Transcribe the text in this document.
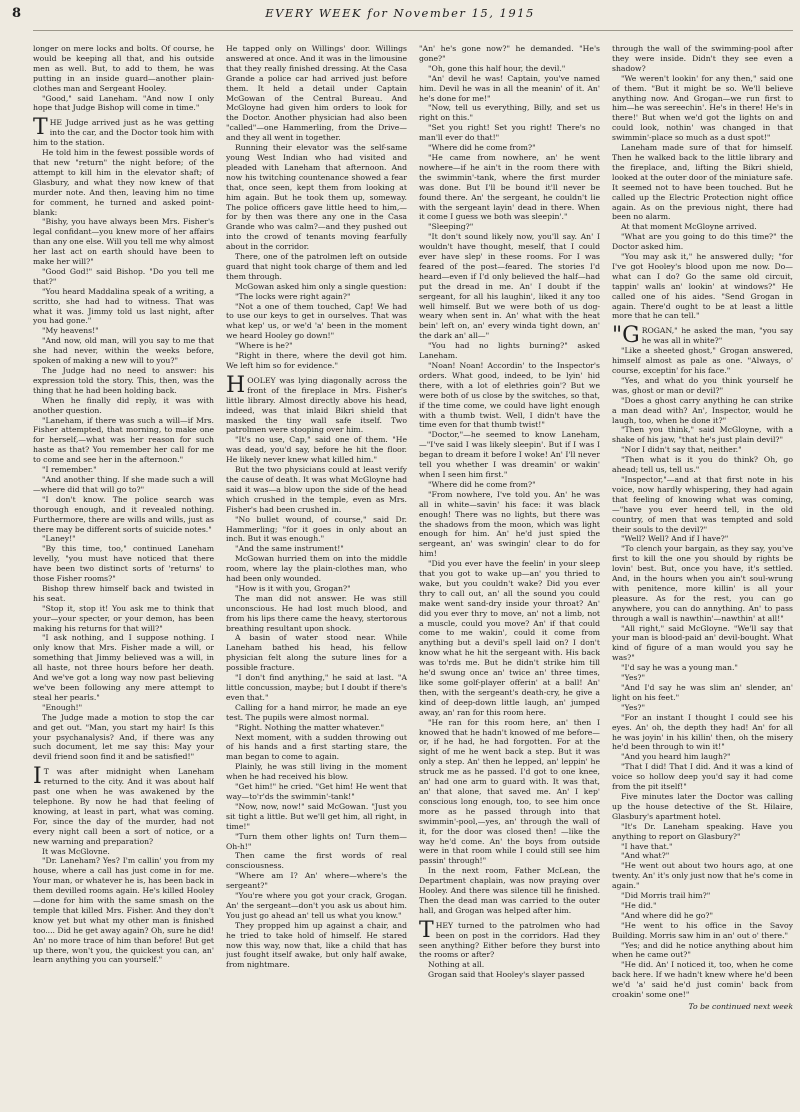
8	EVERY WEEK for November 15, 1915

longer on mere locks and bolts. Of course, he would be keeping all that, and his outside men as well. But, to add to them, he was putting in an inside guard—another plain-clothes man and Sergeant Hooley.

"Good," said Laneham. "And now I only hope that Judge Bishop will come in time."

THE Judge arrived just as he was getting into the car, and the Doctor took him with him to the station.

He told him in the fewest possible words of that new "return" the night before; of the attempt to kill him in the elevator shaft; of Glasbury, and what they now knew of that murder note. And then, leaving him no time for comment, he turned and asked point-blank:

"Bishy, you have always been Mrs. Fisher's legal confidant—you knew more of her affairs than any one else. Will you tell me why almost her last act on earth should have been to make her will?"

"Good God!" said Bishop. "Do you tell me that?"

"You heard Maddalina speak of a writing, a scritto, she had had to witness. That was what it was. Jimmy told us last night, after you had gone."

"My heavens!"

"And now, old man, will you say to me that she had never, within the weeks before, spoken of making a new will to you?"

The Judge had no need to answer: his expression told the story. This, then, was the thing that he had been holding back.

When he finally did reply, it was with another question.

"Laneham, if there was such a will—if Mrs. Fisher attempted, that morning, to make one for herself,—what was her reason for such haste as that? You remember her call for me to come and see her in the afternoon."

"I remember."

"And another thing. If she made such a will—where did that will go to?"

"I don't know. The police search was thorough enough, and it revealed nothing. Furthermore, there are wills and wills, just as there may be different sorts of suicide notes."

"Laney!"

"By this time, too," continued Laneham levelly, "you must have noticed that there have been two distinct sorts of 'returns' to those Fisher rooms?"

Bishop threw himself back and twisted in his seat.

"Stop it, stop it! You ask me to think that your—your specter, or your demon, has been making his returns for that will?"

"I ask nothing, and I suppose nothing. I only know that Mrs. Fisher made a will, or something that Jimmy believed was a will, in all haste, not three hours before her death. And we've got a long way now past believing we've been following any mere attempt to steal her pearls."

"Enough!"

The Judge made a motion to stop the car and get out. "Man, you start my hair! Is this your psychanalysis? And, if there was any such document, let me say this: May your devil friend soon find it and be satisfied!"

IT was after midnight when Laneham returned to the city. And it was about half past one when he was awakened by the telephone. By now he had that feeling of knowing, at least in part, what was coming. For, since the day of the murder, had not every night call been a sort of notice, or a new warning and preparation?

It was McGlovne.

"Dr. Laneham? Yes? I'm callin' you from my house, where a call has just come in for me. Your man, or whatever he is, has been back in them devilled rooms again. He's killed Hooley—done for him with the same smash on the temple that killed Mrs. Fisher. And they don't know yet but what my other man is finished too.... Did he get away again? Oh, sure he did! An' no more trace of him than before! But get up there, won't you, the quickest you can, an' learn anything you can yourself."

He tapped only on Willings' door. Willings answered at once. And it was in the limousine that they really finished dressing. At the Casa Grande a police car had arrived just before them. It held a detail under Captain McGowan of the Central Bureau. And McGloyne had given him orders to look for the Doctor. Another physician had also been "called"—one Hammerling, from the Drive—and they all went in together.

Running their elevator was the self-same young West Indian who had visited and pleaded with Laneham that afternoon. And now his twitching countenance showed a fear that, once seen, kept them from looking at him again. But he took them up, someway. The police officers gave little heed to him,—for by then was there any one in the Casa Grande who was calm?—and they pushed out into the crowd of tenants moving fearfully about in the corridor.

There, one of the patrolmen left on outside guard that night took charge of them and led them through.

McGowan asked him only a single question:

"The locks were right again?"

"Not a one of them touched, Cap! We had to use our keys to get in ourselves. That was what kep' us, or we'd 'a' been in the moment we heard Hooley go down!"

"Where is he?"

"Right in there, where the devil got him. We left him so for evidence."

HOOLEY was lying diagonally across the front of the fireplace in Mrs. Fisher's little library. Almost directly above his head, indeed, was that inlaid Bikri shield that masked the tiny wall safe itself. Two patrolmen were stooping over him.

"It's no use, Cap," said one of them. "He was dead, you'd say, before he hit the floor. He likely never knew what killed him."

But the two physicians could at least verify the cause of death. It was what McGloyne had said it was—a blow upon the side of the head which crushed in the temple, even as Mrs. Fisher's had been crushed in.

"No bullet wound, of course," said Dr. Hammerling; "for it goes in only about an inch. But it was enough."

"And the same instrument!"

McGowan hurried them on into the middle room, where lay the plain-clothes man, who had been only wounded.

"How is it with you, Grogan?"

The man did not answer. He was still unconscious. He had lost much blood, and from his lips there came the heavy, stertorous breathing resultant upon shock.

A basin of water stood near. While Laneham bathed his head, his fellow physician felt along the suture lines for a possible fracture.

"I don't find anything," he said at last. "A little concussion, maybe; but I doubt if there's even that."

Calling for a hand mirror, he made an eye test. The pupils were almost normal.

"Right. Nothing the matter whatever."

Next moment, with a sudden throwing out of his hands and a first starting stare, the man began to come to again.

Plainly, he was still living in the moment when he had received his blow.

"Get him!" he cried. "Get him! He went that way—to'r'ds the swimmin'-tank!"

"Now, now, now!" said McGowan. "Just you sit tight a little. But we'll get him, all right, in time!"

"Turn them other lights on! Turn them— Oh-h!"

Then came the first words of real consciousness.

"Where am I? An' where—where's the sergeant?"

"You're where you got your crack, Grogan. An' the sergeant—don't you ask us about him. You just go ahead an' tell us what you know."

They propped him up against a chair, and he tried to take hold of himself. He stared now this way, now that, like a child that has just fought itself awake, but only half awake, from nightmare.

"An' he's gone now?" he demanded. "He's gone?"

"Oh, gone this half hour, the devil."

"An' devil he was! Captain, you've named him. Devil he was in all the meanin' of it. An' he's done for me!"

"Now, tell us everything, Billy, and set us right on this."

"Set you right! Set you right! There's no man'll ever do that!"

"Where did he come from?"

"He came from nowhere, an' he went nowhere—if he ain't in the room there with the swimmin'-tank, where the first murder was done. But I'll be bound it'll never be found there. An' the sergeant, he couldn't lie with the sergeant layin' dead in there. When it come I guess we both was sleepin'."

"Sleeping?"

"It don't sound likely now, you'll say. An' I wouldn't have thought, meself, that I could ever have slep' in these rooms. For I was feared of the post—feared. The stories I'd heard—even if I'd only believed the half—had put the dread in me. An' I doubt if the sergeant, for all his laughin', liked it any too well himself. But we were both of us dog-weary when sent in. An' what with the heat bein' left on, an' every winda tight down, an' the dark an' all—"

"You had no lights burning?" asked Laneham.

"Noan! Noan! Accordin' to the Inspector's orders. What good, indeed, to be lyin' hid there, with a lot of elethries goin'? But we were both of us close by the switches, so that, if the time come, we could have light enough with a thumb twist. Well, I didn't have the time even for that thumb twist!"

"Doctor,"—he seemed to know Laneham,—"I've said I was likely sleepin'. But if I was I began to dream it before I woke! An' I'll never tell you whether I was dreamin' or wakin' when I seen him first."

"Where did he come from?"

"From nowhere, I've told you. An' he was all in white—savin' his face: it was black enough! There was no lights, but there was the shadows from the moon, which was light enough for him. An' he'd just spied the sergeant, an' was swingin' clear to do for him!

"Did you ever have the feelin' in your sleep that you got to wake up—an' you thried to wake, but you couldn't wake? Did you ever thry to call out, an' all the sound you could make went sand-dry inside your throat? An' did you ever thry to move, an' not a limb, not a muscle, could you move? An' if that could come to me wakin', could it come from anything but a devil's spell laid on? I don't know what he hit the sergeant with. His back was to'rds me. But he didn't strike him till he'd swung once an' twice an' three times, like some golf-player offerin' at a ball! An' then, with the sergeant's death-cry, he give a kind of deep-down little laugh, an' jumped away, an' ran for this room here.

"He ran for this room here, an' then I knowed that he hadn't knowed of me before—or, if he had, he had forgotten. For at the sight of me he went back a step. But it was only a step. An' then he lepped, an' leppin' he struck me as he passed. I'd got to one knee, an' had one arm to guard with. It was that, an' that alone, that saved me. An' I kep' conscious long enough, too, to see him once more as he passed through into that swimmin'-pool,—yes, an' through the wall of it, for the door was closed then! —like the way he'd come. An' the boys from outside were in that room while I could still see him passin' through!"

In the next room, Father McLean, the Department chaplain, was now praying over Hooley. And there was silence till he finished. Then the dead man was carried to the outer hall, and Grogan was helped after him.

THEY turned to the patrolmen who had been on post in the corridors. Had they seen anything? Either before they burst into the rooms or after?

Nothing at all.

Grogan said that Hooley's slayer passed

through the wall of the swimming-pool after they were inside. Didn't they see even a shadow?

"We weren't lookin' for any then," said one of them. "But it might be so. We'll believe anything now. And Grogan—we run first to him—he was sereechin'. He's in there! He's in there!' But when we'd got the lights on and could look, nothin' was changed in that swimmin'-place so much as a dust spot!"

Laneham made sure of that for himself. Then he walked back to the little library and the fireplace, and, lifting the Bikri shield, looked at the outer door of the miniature safe. It seemed not to have been touched. But he called up the Electric Protection night office again. As on the previous night, there had been no alarm.

At that moment McGloyne arrived.

"What are you going to do this time?" the Doctor asked him.

"You may ask it," he answered dully; "for I've got Hooley's blood upon me now. Do—what can I do? Go the same old circuit, tappin' walls an' lookin' at windows?" He called one of his aides. "Send Grogan in again. There'd ought to be at least a little more that he can tell."

"GROGAN," he asked the man, "you say he was all in white?"

"Like a sheeted ghost," Grogan answered, himself almost as pale as one. "Always, o' course, exceptin' for his face."

"Yes, and what do you think yourself he was, ghost or man or devil?"

"Does a ghost carry anything he can strike a man dead with? An', Inspector, would he laugh, too, when he done it?"

"Then you think," said McGloyne, with a shake of his jaw, "that he's just plain devil?"

"Nor I didn't say that, neither."

"Then what is it you do think? Oh, go ahead; tell us, tell us."

"Inspector,"—and at that first note in his voice, now hardly whispering, they had again that feeling of knowing what was coming,—"have you ever heerd tell, in the old country, of men that was tempted and sold their souls to the devil?"

"Well? Well? And if I have?"

"To clench your bargain, as they say, you've first to kill the one you should by rights be lovin' best. But, once you have, it's settled. And, in the hours when you ain't soul-wrung with penitence, more killin' is all your pleasure. As for the rest, you can go anywhere, you can do annything. An' to pass through a wall is nawthin'—nawthin' at all!"

"All right," said McGloyne. "We'll say that your man is blood-paid an' devil-bought. What kind of figure of a man would you say he was?"

"I'd say he was a young man."

"Yes?"

"And I'd say he was slim an' slender, an' light on his feet."

"Yes?"

"For an instant I thought I could see his eyes. An' oh, the depth they had! An' for all he was joyin' in his killin' then, oh the misery he'd been through to win it!"

"And you heard him laugh?"

"That I did! That I did. And it was a kind of voice so hollow deep you'd say it had come from the pit itself!"

Five minutes later the Doctor was calling up the house detective of the St. Hilaire, Glasbury's apartment hotel.

"It's Dr. Laneham speaking. Have you anything to report on Glasbury?"

"I have that."

"And what?"

"He went out about two hours ago, at one twenty. An' it's only just now that he's come in again."

"Did Morris trail him?"

"He did."

"And where did he go?"

"He went to his office in the Savoy Building. Morris saw him in an' out o' there."

"Yes; and did he notice anything about him when he came out?"

"He did. An' I noticed it, too, when he come back here. If we hadn't knew where he'd been we'd 'a' said he'd just comin' back from croakin' some one!"

To be continued next week
